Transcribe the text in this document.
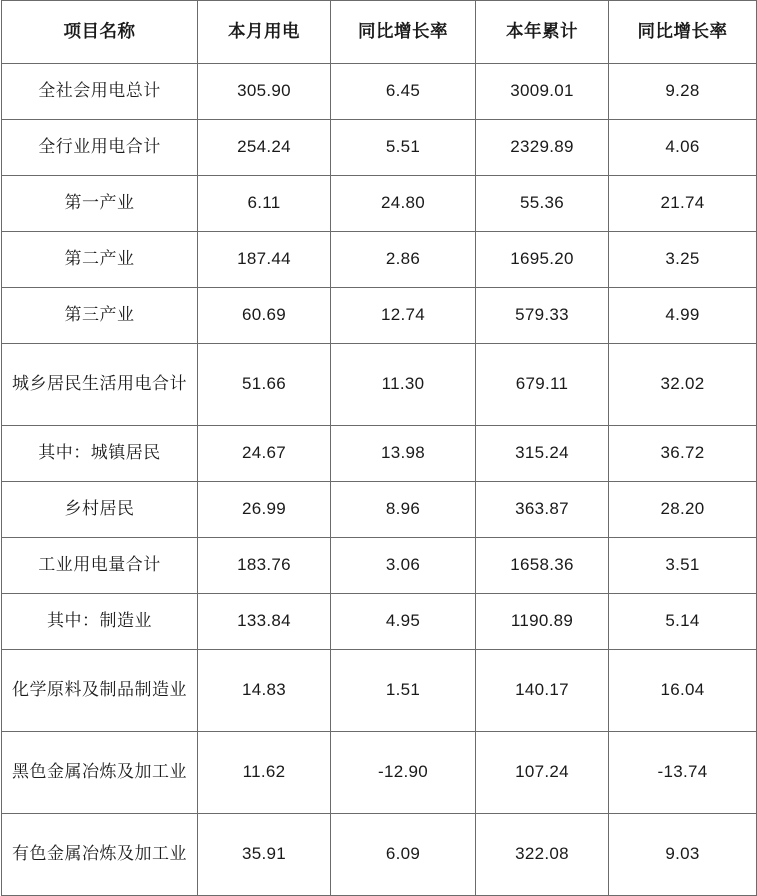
项目名称	本月用电	同比增长率	本年累计	同比增长率
全社会用电总计	305.90	6.45	3009.01	9.28
全行业用电合计	254.24	5.51	2329.89	4.06
第一产业	6.11	24.80	55.36	21.74
第二产业	187.44	2.86	1695.20	3.25
第三产业	60.69	12.74	579.33	4.99
城乡居民生活用电合计	51.66	11.30	679.11	32.02
其中：城镇居民	24.67	13.98	315.24	36.72
乡村居民	26.99	8.96	363.87	28.20
工业用电量合计	183.76	3.06	1658.36	3.51
其中：制造业	133.84	4.95	1190.89	5.14
化学原料及制品制造业	14.83	1.51	140.17	16.04
黑色金属冶炼及加工业	11.62	-12.90	107.24	-13.74
有色金属冶炼及加工业	35.91	6.09	322.08	9.03
